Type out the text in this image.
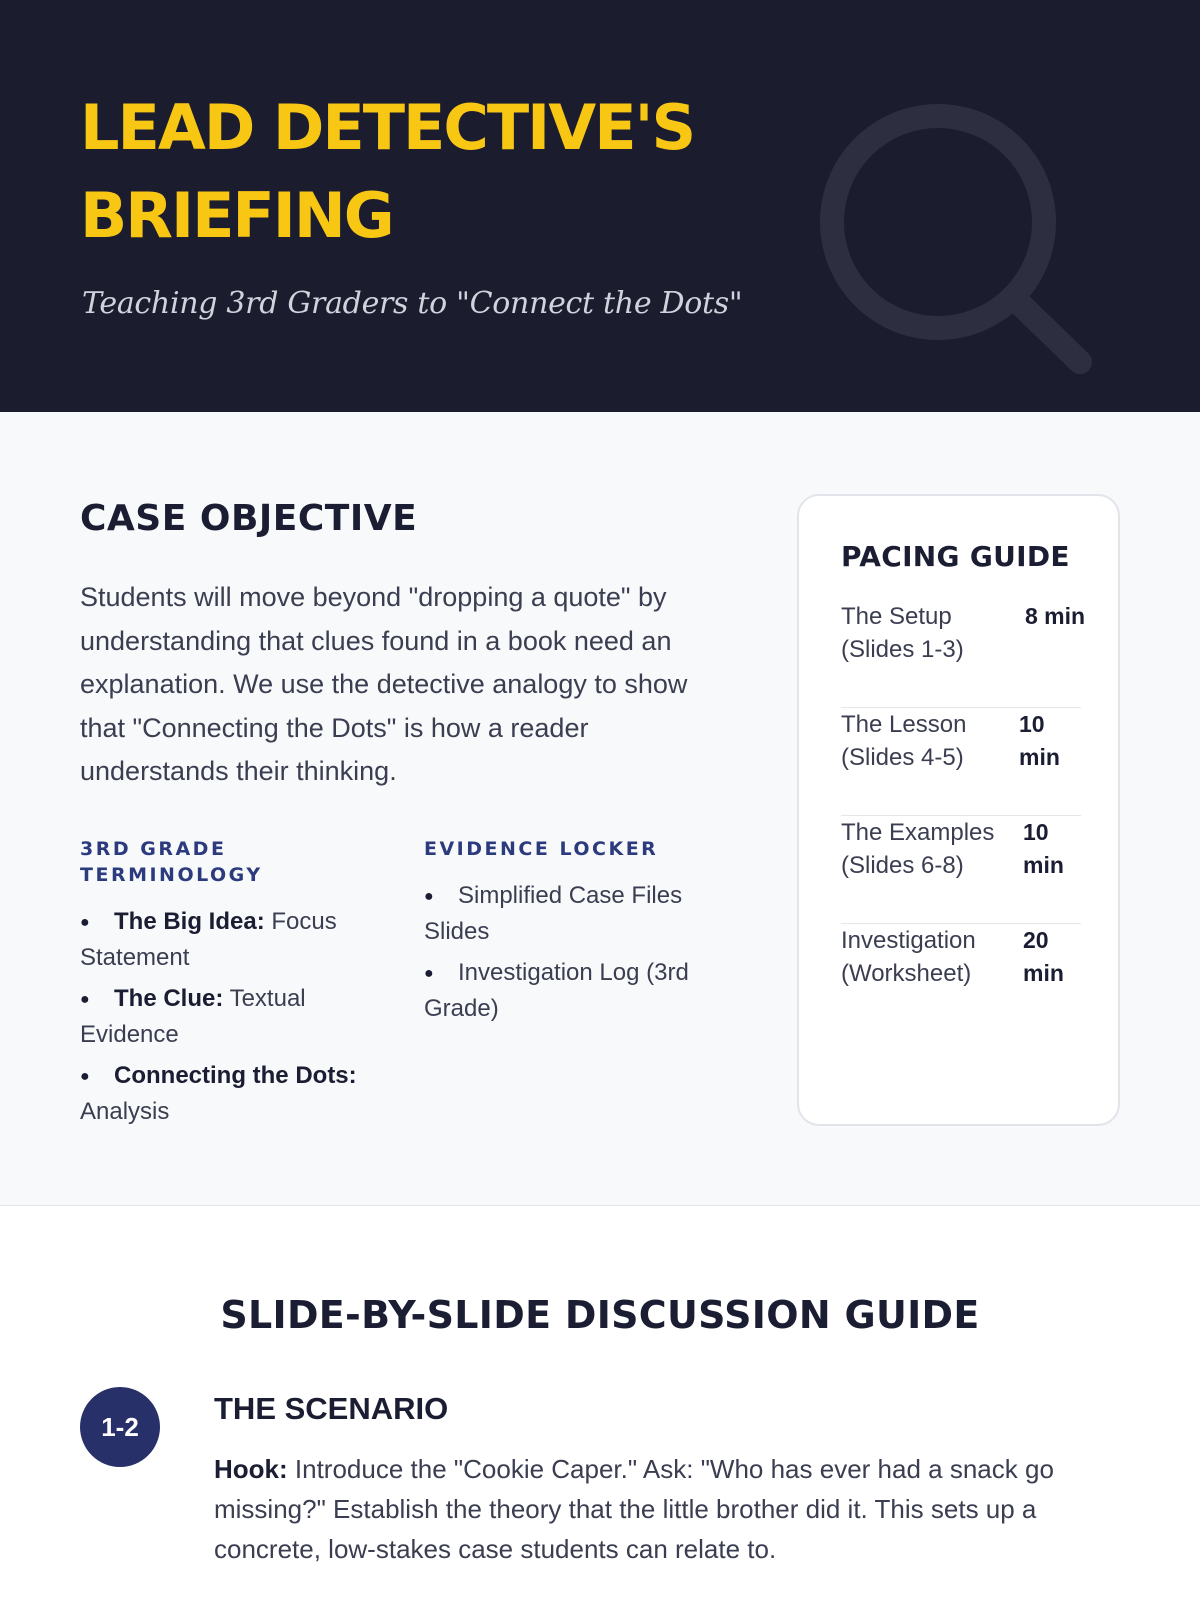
LEAD DETECTIVE'S BRIEFING
Teaching 3rd Graders to "Connect the Dots"
CASE OBJECTIVE

Students will move beyond "dropping a quote" by understanding that clues found in a book need an explanation. We use the detective analogy to show that "Connecting the Dots" is how a reader understands their thinking.

3RD GRADE TERMINOLOGY
● The Big Idea: Focus Statement
● The Clue: Textual Evidence
● Connecting the Dots: Analysis
EVIDENCE LOCKER
● Simplified Case Files Slides
● Investigation Log (3rd Grade)
PACING GUIDE
The Setup (Slides 1-3)
8 min
The Lesson (Slides 4-5)
10 min
The Examples (Slides 6-8)
10 min
Investigation (Worksheet)
20 min
SLIDE-BY-SLIDE DISCUSSION GUIDE
1-2
THE SCENARIO

Hook: Introduce the "Cookie Caper." Ask: "Who has ever had a snack go missing?" Establish the theory that the little brother did it. This sets up a concrete, low-stakes case students can relate to.
